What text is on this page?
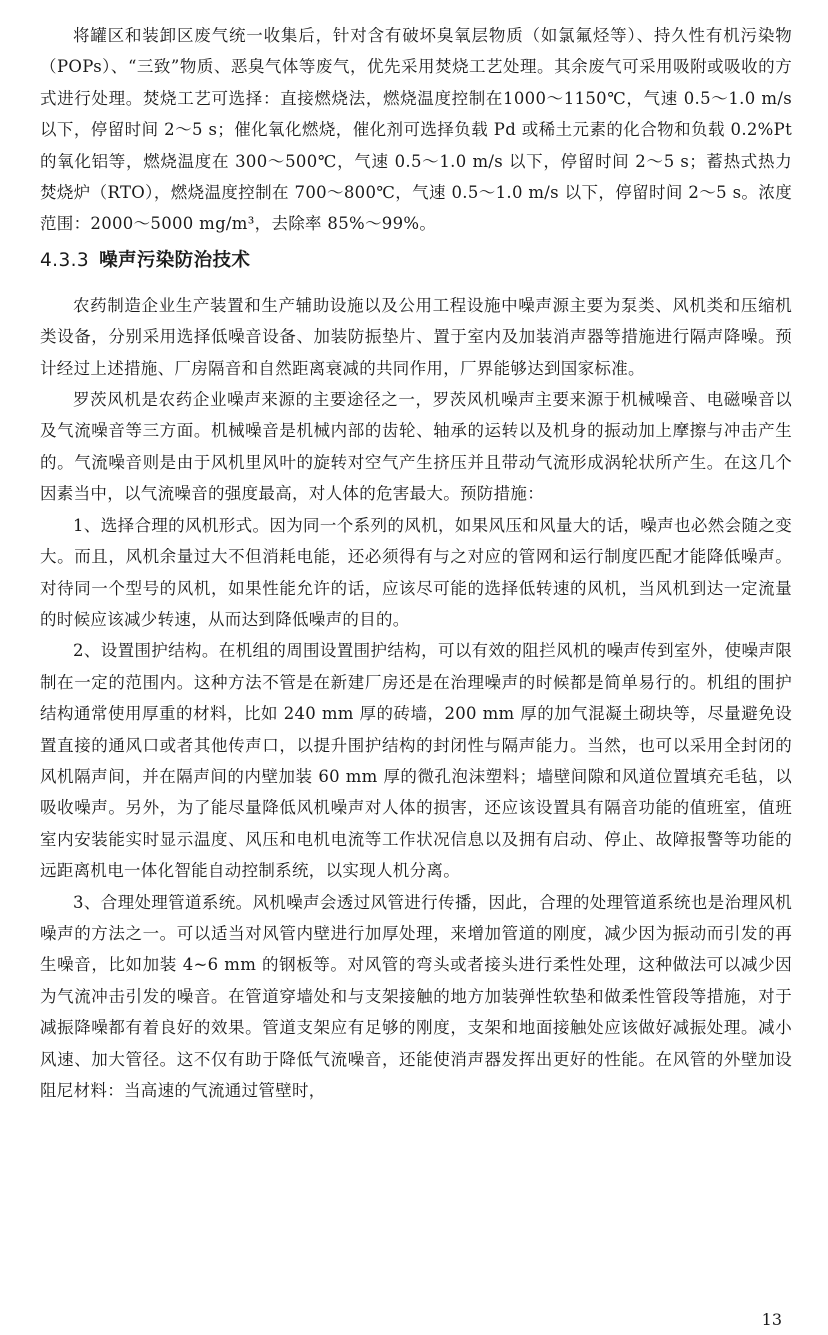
将罐区和装卸区废气统一收集后，针对含有破坏臭氧层物质（如氯氟烃等）、持久性有机污染物（POPs）、“三致”物质、恶臭气体等废气，优先采用焚烧工艺处理。其余废气可采用吸附或吸收的方式进行处理。焚烧工艺可选择：直接燃烧法，燃烧温度控制在1000～1150℃，气速 0.5～1.0 m/s 以下，停留时间 2～5 s；催化氧化燃烧，催化剂可选择负载 Pd 或稀土元素的化合物和负载 0.2%Pt 的氧化铝等，燃烧温度在 300～500℃，气速 0.5～1.0 m/s 以下，停留时间 2～5 s；蓄热式热力焚烧炉（RTO），燃烧温度控制在 700～800℃，气速 0.5～1.0 m/s 以下，停留时间 2～5 s。浓度范围：2000～5000 mg/m³，去除率 85%～99%。

4.3.3 噪声污染防治技术

农药制造企业生产装置和生产辅助设施以及公用工程设施中噪声源主要为泵类、风机类和压缩机类设备，分别采用选择低噪音设备、加装防振垫片、置于室内及加装消声器等措施进行隔声降噪。预计经过上述措施、厂房隔音和自然距离衰减的共同作用，厂界能够达到国家标准。

罗茨风机是农药企业噪声来源的主要途径之一，罗茨风机噪声主要来源于机械噪音、电磁噪音以及气流噪音等三方面。机械噪音是机械内部的齿轮、轴承的运转以及机身的振动加上摩擦与冲击产生的。气流噪音则是由于风机里风叶的旋转对空气产生挤压并且带动气流形成涡轮状所产生。在这几个因素当中，以气流噪音的强度最高，对人体的危害最大。预防措施：

1、选择合理的风机形式。因为同一个系列的风机，如果风压和风量大的话，噪声也必然会随之变大。而且，风机余量过大不但消耗电能，还必须得有与之对应的管网和运行制度匹配才能降低噪声。对待同一个型号的风机，如果性能允许的话，应该尽可能的选择低转速的风机，当风机到达一定流量的时候应该减少转速，从而达到降低噪声的目的。

2、设置围护结构。在机组的周围设置围护结构，可以有效的阻拦风机的噪声传到室外，使噪声限制在一定的范围内。这种方法不管是在新建厂房还是在治理噪声的时候都是简单易行的。机组的围护结构通常使用厚重的材料，比如 240 mm 厚的砖墙，200 mm 厚的加气混凝土砌块等，尽量避免设置直接的通风口或者其他传声口，以提升围护结构的封闭性与隔声能力。当然，也可以采用全封闭的风机隔声间，并在隔声间的内壁加装 60 mm 厚的微孔泡沫塑料；墙壁间隙和风道位置填充毛毡，以吸收噪声。另外，为了能尽量降低风机噪声对人体的损害，还应该设置具有隔音功能的值班室，值班室内安装能实时显示温度、风压和电机电流等工作状况信息以及拥有启动、停止、故障报警等功能的远距离机电一体化智能自动控制系统，以实现人机分离。

3、合理处理管道系统。风机噪声会透过风管进行传播，因此，合理的处理管道系统也是治理风机噪声的方法之一。可以适当对风管内壁进行加厚处理，来增加管道的刚度，减少因为振动而引发的再生噪音，比如加装 4~6 mm 的钢板等。对风管的弯头或者接头进行柔性处理，这种做法可以减少因为气流冲击引发的噪音。在管道穿墙处和与支架接触的地方加装弹性软垫和做柔性管段等措施，对于减振降噪都有着良好的效果。管道支架应有足够的刚度，支架和地面接触处应该做好减振处理。减小风速、加大管径。这不仅有助于降低气流噪音，还能使消声器发挥出更好的性能。在风管的外壁加设阻尼材料：当高速的气流通过管壁时，

13
